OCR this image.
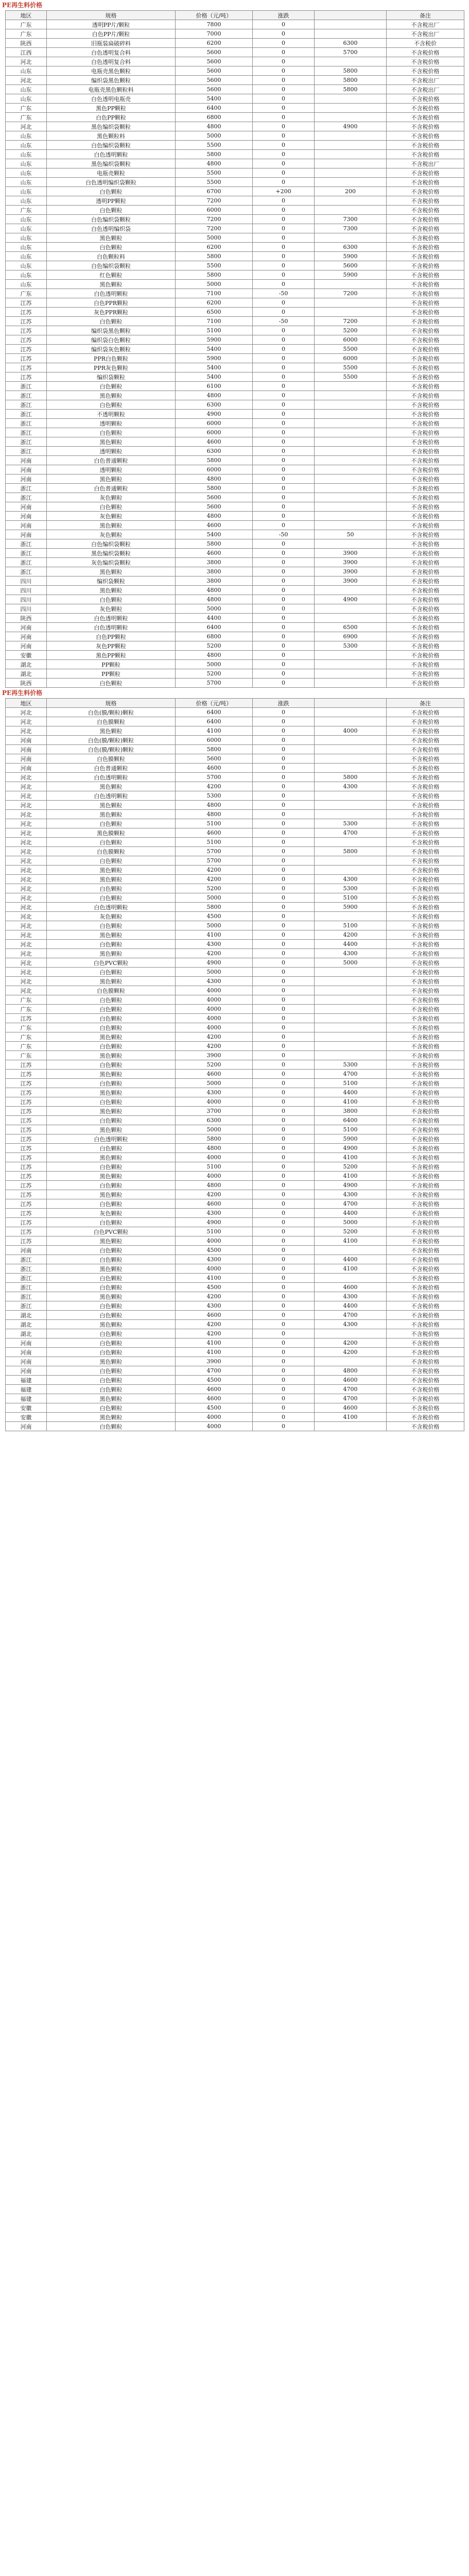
PE再生料价格
地区	规格	价格（元/吨）	涨跌		备注
广东	透明PP片/颗粒	7800	0		不含税出厂
广东	白色PP片/颗粒	7000	0		不含税出厂
陕西	旧瓶装扁破碎料	6200	0	6300	不含税价
江西	白色透明复合料	5600	0	5700	不含税价格
河北	白色透明复合料	5600	0		不含税价格
山东	电瓶壳黑色颗粒	5600	0	5800	不含税价格
河北	编织袋黑色颗粒	5600	0	5800	不含税出厂
山东	电瓶壳黑色颗粒料	5600	0	5800	不含税出厂
山东	白色透明电瓶壳	5400	0		不含税价格
广东	黑色PP颗粒	6400	0		不含税价格
广东	白色PP颗粒	6800	0		不含税价格
河北	黑色编织袋颗粒	4800	0	4900	不含税价格
山东	黑色颗粒料	5000	0		不含税价格
山东	白色编织袋颗粒	5500	0		不含税价格
山东	白色透明颗粒	5800	0		不含税价格
山东	黑色编织袋颗粒	4800	0		不含税出厂
山东	电瓶壳颗粒	5500	0		不含税价格
山东	白色透明编织袋颗粒	5500	0		不含税价格
山东	白色颗粒	6700	+200	200	不含税价格
山东	透明PP颗粒	7200	0		不含税价格
广东	白色颗粒	6000	0		不含税价格
山东	白色编织袋颗粒	7200	0	7300	不含税价格
山东	白色透明编织袋	7200	0	7300	不含税价格
山东	黑色颗粒	5000	0		不含税价格
山东	白色颗粒	6200	0	6300	不含税价格
山东	白色颗粒料	5800	0	5900	不含税价格
山东	白色编织袋颗粒	5500	0	5600	不含税价格
山东	红色颗粒	5800	0	5900	不含税价格
山东	黑色颗粒	5000	0		不含税价格
广东	白色透明颗粒	7100	-50	7200	不含税价格
江苏	白色PPR颗粒	6200	0		不含税价格
江苏	灰色PPR颗粒	6500	0		不含税价格
江苏	白色颗粒	7100	-50	7200	不含税价格
江苏	编织袋黑色颗粒	5100	0	5200	不含税价格
江苏	编织袋白色颗粒	5900	0	6000	不含税价格
江苏	编织袋灰色颗粒	5400	0	5500	不含税价格
江苏	PPR白色颗粒	5900	0	6000	不含税价格
江苏	PPR灰色颗粒	5400	0	5500	不含税价格
江苏	编织袋颗粒	5400	0	5500	不含税价格
浙江	白色颗粒	6100	0		不含税价格
浙江	黑色颗粒	4800	0		不含税价格
浙江	白色颗粒	6300	0		不含税价格
浙江	不透明颗粒	4900	0		不含税价格
浙江	透明颗粒	6000	0		不含税价格
浙江	白色颗粒	6000	0		不含税价格
浙江	黑色颗粒	4600	0		不含税价格
浙江	透明颗粒	6300	0		不含税价格
河南	白色普通颗粒	5800	0		不含税价格
河南	透明颗粒	6000	0		不含税价格
河南	黑色颗粒	4800	0		不含税价格
浙江	白色普通颗粒	5800	0		不含税价格
浙江	灰色颗粒	5600	0		不含税价格
河南	白色颗粒	5600	0		不含税价格
河南	灰色颗粒	4800	0		不含税价格
河南	黑色颗粒	4600	0		不含税价格
河南	灰色颗粒	5400	-50	50	不含税价格
浙江	白色编织袋颗粒	5800	0		不含税价格
浙江	黑色编织袋颗粒	4600	0	3900	不含税价格
浙江	灰色编织袋颗粒	3800	0	3900	不含税价格
浙江	黑色颗粒	3800	0	3900	不含税价格
四川	编织袋颗粒	3800	0	3900	不含税价格
四川	黑色颗粒	4800	0		不含税价格
四川	白色颗粒	4800	0	4900	不含税价格
四川	灰色颗粒	5000	0		不含税价格
陕西	白色透明颗粒	4400	0		不含税价格
河南	白色透明颗粒	6400	0	6500	不含税价格
河南	白色PP颗粒	6800	0	6900	不含税价格
河南	灰色PP颗粒	5200	0	5300	不含税价格
安徽	黑色PP颗粒	4800	0		不含税价格
湖北	PP颗粒	5000	0		不含税价格
湖北	PP颗粒	5200	0		不含税价格
陕西	白色颗粒	5700	0		不含税价格
PE再生料价格
地区	规格	价格（元/吨）	涨跌		备注
河北	白色(膜/颗粒)颗粒	6400	0		不含税价格
河北	白色膜颗粒	6400	0		不含税价格
河北	黑色颗粒	4100	0	4000	不含税价格
河南	白色(膜/颗粒)颗粒	6000	0		不含税价格
河南	白色(膜/颗粒)颗粒	5800	0		不含税价格
河南	白色膜颗粒	5600	0		不含税价格
河南	白色普通颗粒	4600	0		不含税价格
河北	白色透明颗粒	5700	0	5800	不含税价格
河北	黑色颗粒	4200	0	4300	不含税价格
河北	白色透明颗粒	5300	0		不含税价格
河北	黑色颗粒	4800	0		不含税价格
河北	黑色颗粒	4800	0		不含税价格
河北	白色颗粒	5100	0	5300	不含税价格
河北	黑色膜颗粒	4600	0	4700	不含税价格
河北	白色颗粒	5100	0		不含税价格
河北	白色膜颗粒	5700	0	5800	不含税价格
河北	白色颗粒	5700	0		不含税价格
河北	黑色颗粒	4200	0		不含税价格
河北	黑色颗粒	4200	0	4300	不含税价格
河北	白色颗粒	5200	0	5300	不含税价格
河北	白色颗粒	5000	0	5100	不含税价格
河北	白色透明颗粒	5800	0	5900	不含税价格
河北	灰色颗粒	4500	0		不含税价格
河北	白色颗粒	5000	0	5100	不含税价格
河北	黑色颗粒	4100	0	4200	不含税价格
河北	白色颗粒	4300	0	4400	不含税价格
河北	黑色颗粒	4200	0	4300	不含税价格
河北	白色PVC颗粒	4900	0	5000	不含税价格
河北	白色颗粒	5000	0		不含税价格
河北	黑色颗粒	4300	0		不含税价格
河北	白色膜颗粒	4000	0		不含税价格
广东	白色颗粒	4000	0		不含税价格
广东	白色颗粒	4000	0		不含税价格
江苏	白色颗粒	4000	0		不含税价格
广东	白色颗粒	4000	0		不含税价格
广东	黑色颗粒	4200	0		不含税价格
广东	白色颗粒	4200	0		不含税价格
广东	黑色颗粒	3900	0		不含税价格
江苏	白色颗粒	5200	0	5300	不含税价格
江苏	黑色颗粒	4600	0	4700	不含税价格
江苏	白色颗粒	5000	0	5100	不含税价格
江苏	黑色颗粒	4300	0	4400	不含税价格
江苏	白色颗粒	4000	0	4100	不含税价格
江苏	黑色颗粒	3700	0	3800	不含税价格
江苏	白色颗粒	6300	0	6400	不含税价格
江苏	黑色颗粒	5000	0	5100	不含税价格
江苏	白色透明颗粒	5800	0	5900	不含税价格
江苏	白色颗粒	4800	0	4900	不含税价格
江苏	黑色颗粒	4000	0	4100	不含税价格
江苏	白色颗粒	5100	0	5200	不含税价格
江苏	黑色颗粒	4000	0	4100	不含税价格
江苏	白色颗粒	4800	0	4900	不含税价格
江苏	黑色颗粒	4200	0	4300	不含税价格
江苏	白色颗粒	4600	0	4700	不含税价格
江苏	灰色颗粒	4300	0	4400	不含税价格
江苏	白色颗粒	4900	0	5000	不含税价格
江苏	白色PVC颗粒	5100	0	5200	不含税价格
江苏	黑色颗粒	4000	0	4100	不含税价格
河南	白色颗粒	4500	0		不含税价格
浙江	白色颗粒	4300	0	4400	不含税价格
浙江	黑色颗粒	4000	0	4100	不含税价格
浙江	白色颗粒	4100	0		不含税价格
浙江	白色颗粒	4500	0	4600	不含税价格
浙江	黑色颗粒	4200	0	4300	不含税价格
浙江	白色颗粒	4300	0	4400	不含税价格
湖北	白色颗粒	4600	0	4700	不含税价格
湖北	黑色颗粒	4200	0	4300	不含税价格
湖北	白色颗粒	4200	0		不含税价格
河南	白色颗粒	4100	0	4200	不含税价格
河南	白色颗粒	4100	0	4200	不含税价格
河南	黑色颗粒	3900	0		不含税价格
河南	白色颗粒	4700	0	4800	不含税价格
福建	白色颗粒	4500	0	4600	不含税价格
福建	白色颗粒	4600	0	4700	不含税价格
福建	黑色颗粒	4600	0	4700	不含税价格
安徽	白色颗粒	4500	0	4600	不含税价格
安徽	黑色颗粒	4000	0	4100	不含税价格
河南	白色颗粒	4000	0		不含税价格
